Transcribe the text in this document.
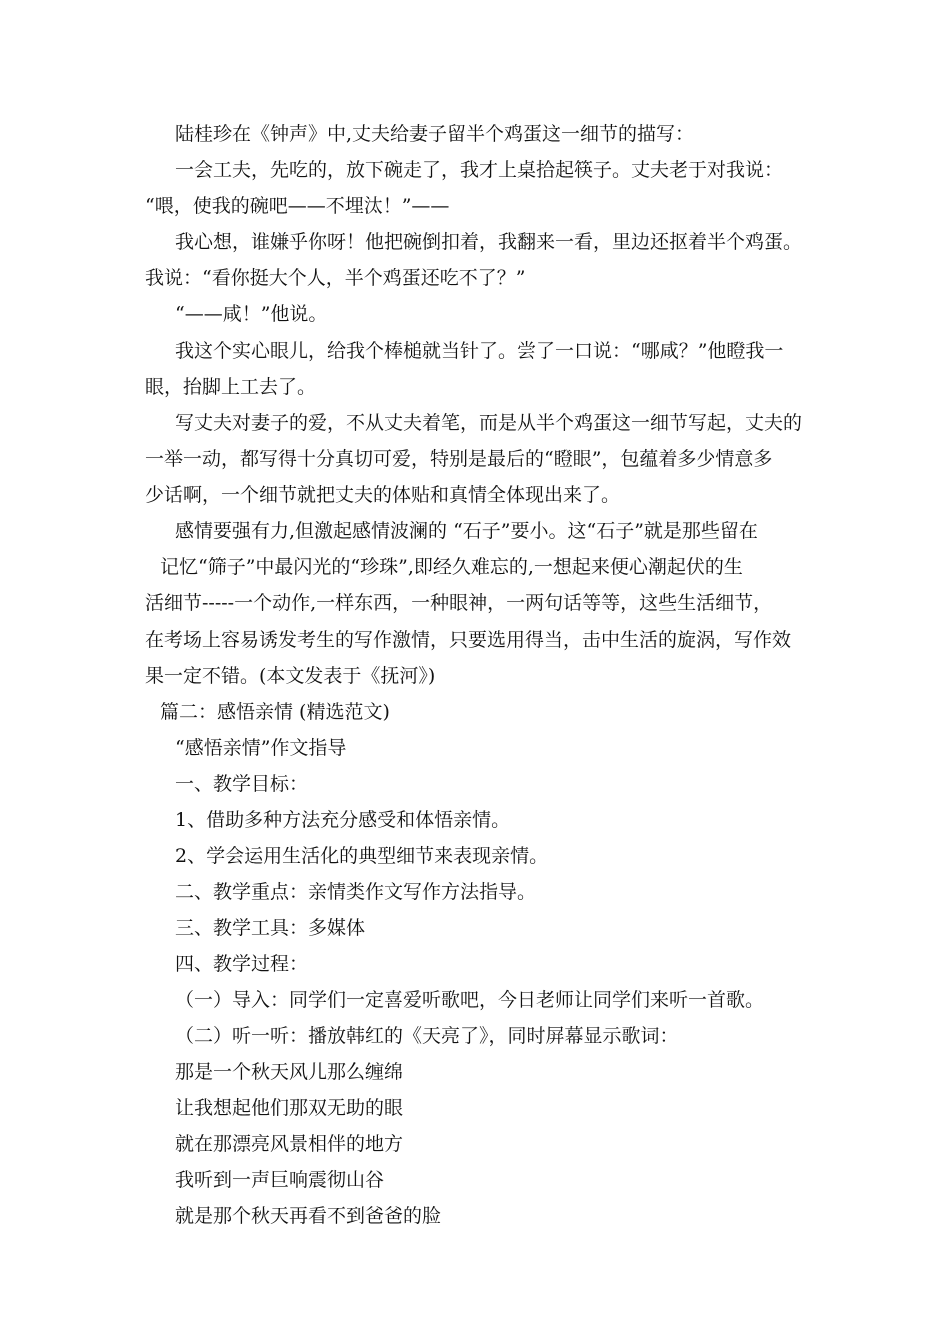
陆桂珍在《钟声》中,丈夫给妻子留半个鸡蛋这一细节的描写：
一会工夫，先吃的，放下碗走了，我才上桌拾起筷子。丈夫老于对我说：
“喂，使我的碗吧——不埋汰！”——
我心想，谁嫌乎你呀！他把碗倒扣着，我翻来一看，里边还抠着半个鸡蛋。
我说：“看你挺大个人，半个鸡蛋还吃不了？”
“——咸！”他说。
我这个实心眼儿，给我个棒槌就当针了。尝了一口说：“哪咸？”他瞪我一
眼，抬脚上工去了。
写丈夫对妻子的爱，不从丈夫着笔，而是从半个鸡蛋这一细节写起，丈夫的
一举一动，都写得十分真切可爱，特别是最后的“瞪眼”，包蕴着多少情意多
少话啊，一个细节就把丈夫的体贴和真情全体现出来了。
感情要强有力,但激起感情波澜的 “石子”要小。这“石子”就是那些留在
记忆“筛子”中最闪光的“珍珠”,即经久难忘的,一想起来便心潮起伏的生
活细节-----一个动作,一样东西，一种眼神，一两句话等等，这些生活细节，
在考场上容易诱发考生的写作激情，只要选用得当，击中生活的旋涡，写作效
果一定不错。(本文发表于《抚河》)
篇二：感悟亲情 (精选范文)
“感悟亲情”作文指导
一、教学目标：
1、借助多种方法充分感受和体悟亲情。
2、学会运用生活化的典型细节来表现亲情。
二、教学重点：亲情类作文写作方法指导。
三、教学工具：多媒体
四、教学过程：
（一）导入：同学们一定喜爱听歌吧，今日老师让同学们来听一首歌。
（二）听一听：播放韩红的《天亮了》，同时屏幕显示歌词：
那是一个秋天风儿那么缠绵
让我想起他们那双无助的眼
就在那漂亮风景相伴的地方
我听到一声巨响震彻山谷
就是那个秋天再看不到爸爸的脸
